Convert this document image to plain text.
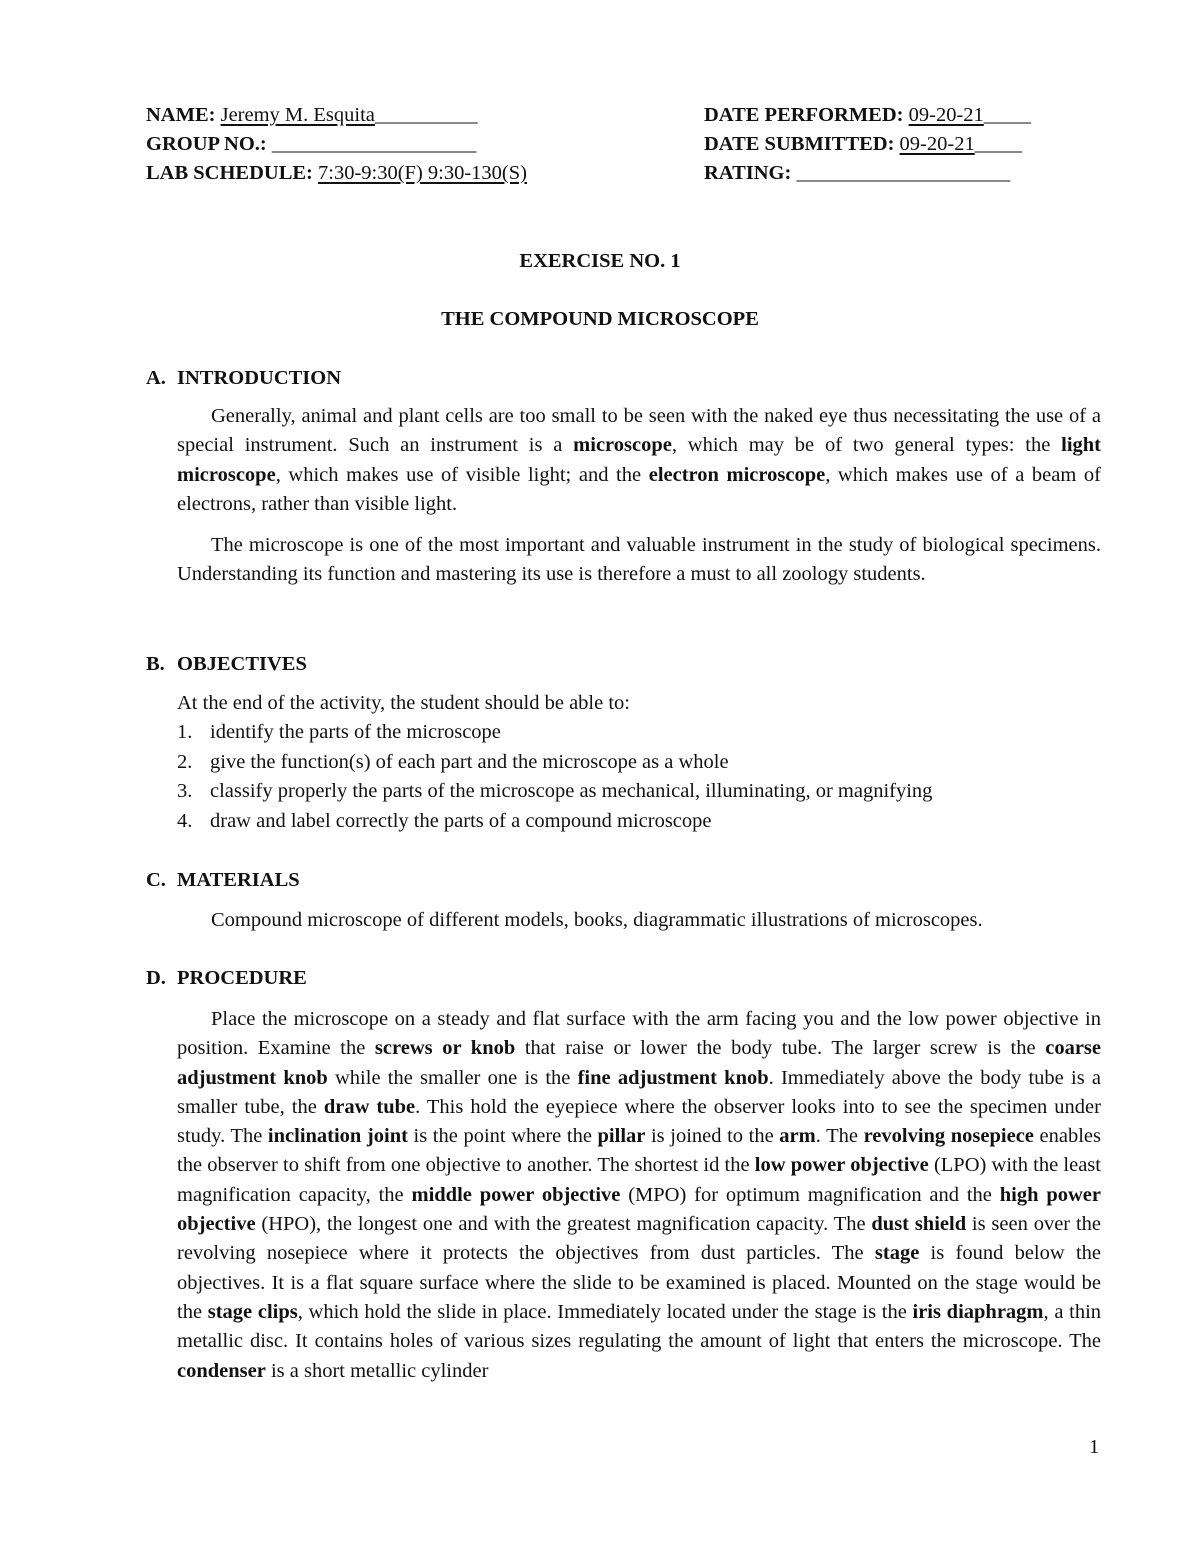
NAME: Jeremy M. Esquita___________
GROUP NO.: ______________________
LAB SCHEDULE: 7:30-9:30(F) 9:30-130(S)
DATE PERFORMED: 09-20-21_____
DATE SUBMITTED: 09-20-21_____
RATING: _______________________
EXERCISE NO. 1
THE COMPOUND MICROSCOPE
A. INTRODUCTION

Generally, animal and plant cells are too small to be seen with the naked eye thus necessitating the use of a special instrument. Such an instrument is a microscope, which may be of two general types: the light microscope, which makes use of visible light; and the electron microscope, which makes use of a beam of electrons, rather than visible light.

The microscope is one of the most important and valuable instrument in the study of biological specimens. Understanding its function and mastering its use is therefore a must to all zoology students.

B. OBJECTIVES
At the end of the activity, the student should be able to:
1. identify the parts of the microscope
2. give the function(s) of each part and the microscope as a whole
3. classify properly the parts of the microscope as mechanical, illuminating, or magnifying
4. draw and label correctly the parts of a compound microscope
C. MATERIALS

Compound microscope of different models, books, diagrammatic illustrations of microscopes.

D. PROCEDURE

Place the microscope on a steady and flat surface with the arm facing you and the low power objective in position. Examine the screws or knob that raise or lower the body tube. The larger screw is the coarse adjustment knob while the smaller one is the fine adjustment knob. Immediately above the body tube is a smaller tube, the draw tube. This hold the eyepiece where the observer looks into to see the specimen under study. The inclination joint is the point where the pillar is joined to the arm. The revolving nosepiece enables the observer to shift from one objective to another. The shortest id the low power objective (LPO) with the least magnification capacity, the middle power objective (MPO) for optimum magnification and the high power objective (HPO), the longest one and with the greatest magnification capacity. The dust shield is seen over the revolving nosepiece where it protects the objectives from dust particles. The stage is found below the objectives. It is a flat square surface where the slide to be examined is placed. Mounted on the stage would be the stage clips, which hold the slide in place. Immediately located under the stage is the iris diaphragm, a thin metallic disc. It contains holes of various sizes regulating the amount of light that enters the microscope. The condenser is a short metallic cylinder

1
